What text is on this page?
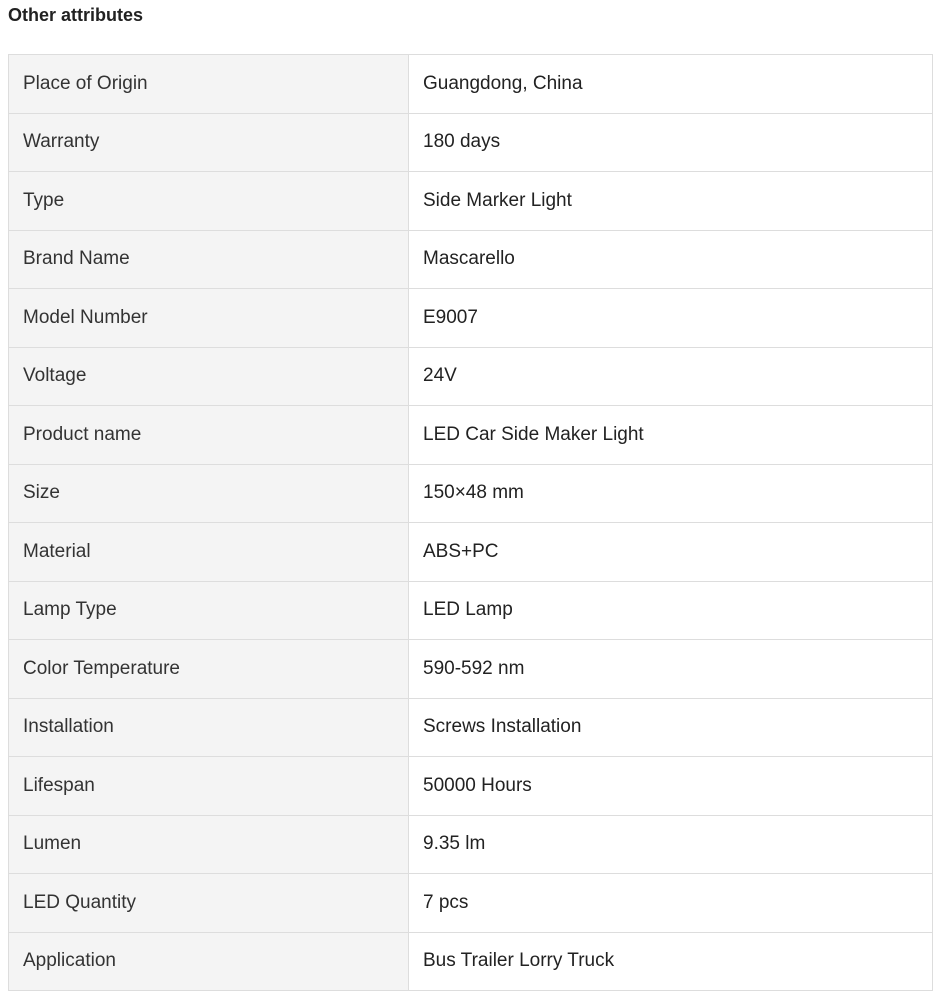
Other attributes
Place of Origin	Guangdong, China
Warranty	180 days
Type	Side Marker Light
Brand Name	Mascarello
Model Number	E9007
Voltage	24V
Product name	LED Car Side Maker Light
Size	150×48 mm
Material	ABS+PC
Lamp Type	LED Lamp
Color Temperature	590-592 nm
Installation	Screws Installation
Lifespan	50000 Hours
Lumen	9.35 lm
LED Quantity	7 pcs
Application	Bus Trailer Lorry Truck
